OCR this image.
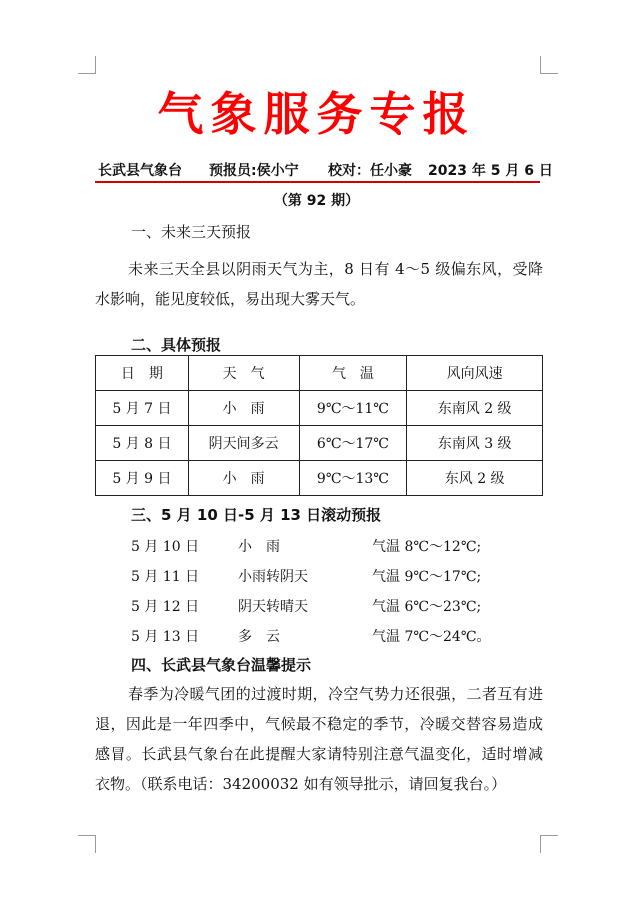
气象服务专报
长武县气象台 预报员:侯小宁 校对：任小豪 2023 年 5 月 6 日
（第 92 期）
一、未来三天预报
未来三天全县以阴雨天气为主，8 日有 4～5 级偏东风，受降水影响，能见度较低，易出现大雾天气。
二、具体预报
日　期	天　气	气　温	风向风速
5 月 7 日	小　雨	9℃～11℃	东南风 2 级
5 月 8 日	阴天间多云	6℃～17℃	东南风 3 级
5 月 9 日	小　雨	9℃～13℃	东风 2 级
三、5 月 10 日-5 月 13 日滚动预报
5 月 10 日	小　雨	气温 8℃～12℃;
5 月 11 日	小雨转阴天	气温 9℃～17℃;
5 月 12 日	阴天转晴天	气温 6℃～23℃;
5 月 13 日	多　云	气温 7℃～24℃。
四、长武县气象台温馨提示
春季为冷暖气团的过渡时期，冷空气势力还很强，二者互有进退，因此是一年四季中，气候最不稳定的季节，冷暖交替容易造成感冒。长武县气象台在此提醒大家请特别注意气温变化，适时增减衣物。（联系电话：34200032 如有领导批示，请回复我台。）
